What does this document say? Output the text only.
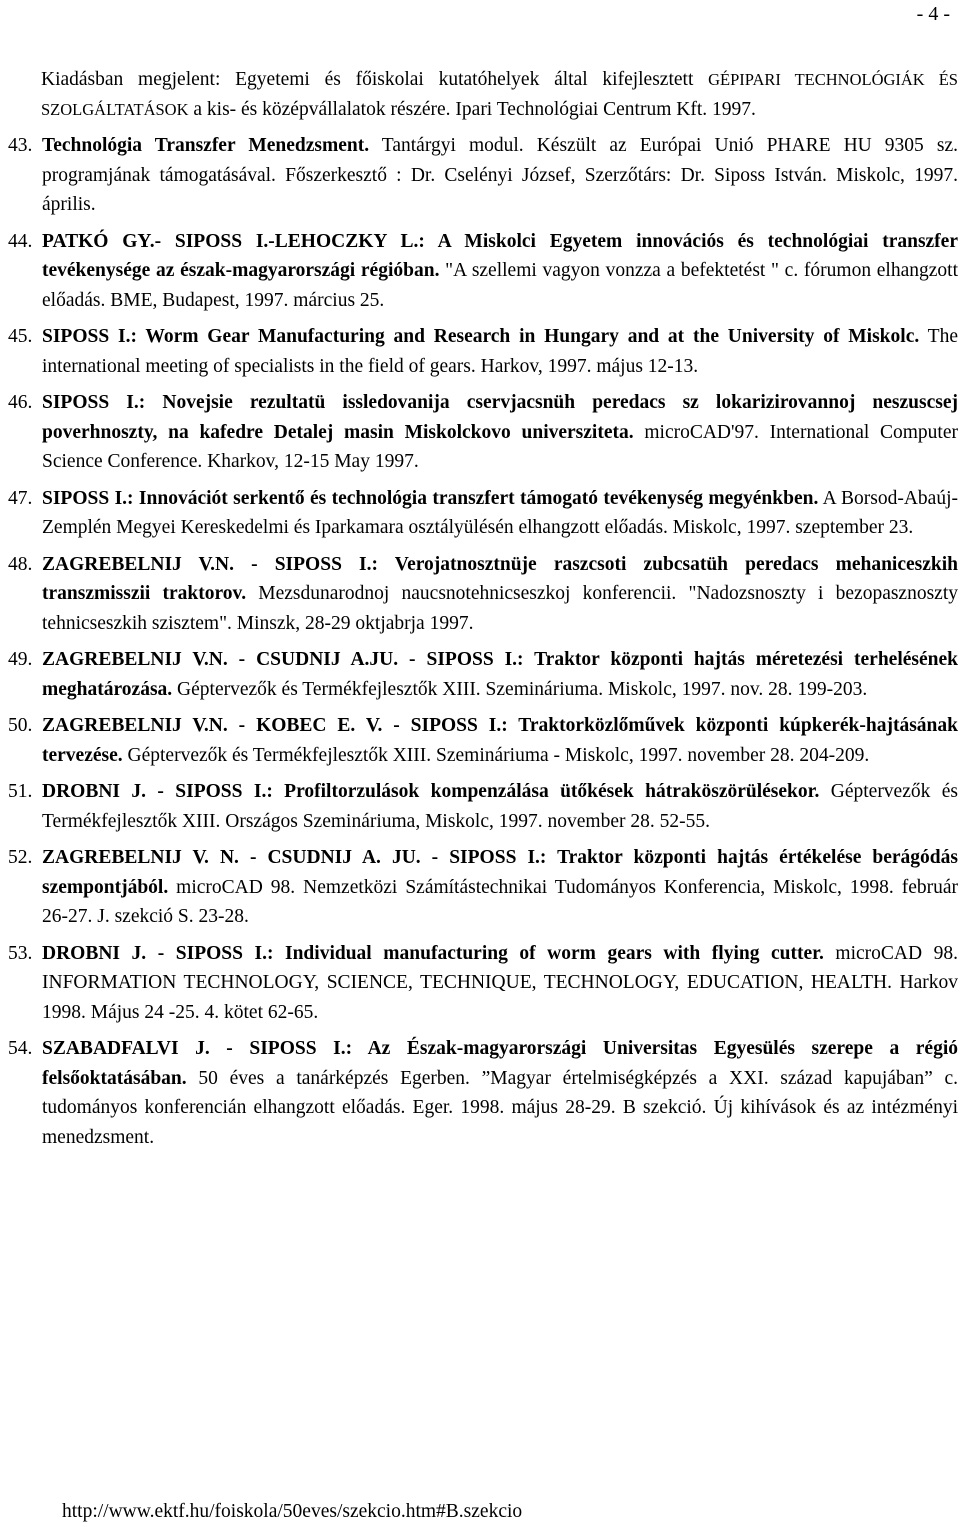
- 4 -
Kiadásban megjelent: Egyetemi és főiskolai kutatóhelyek által kifejlesztett GÉPIPARI TECHNOLÓGIÁK ÉS SZOLGÁLTATÁSOK a kis- és középvállalatok részére. Ipari Technológiai Centrum Kft. 1997.
43. Technológia Transzfer Menedzsment. Tantárgyi modul. Készült az Európai Unió PHARE HU 9305 sz. programjának támogatásával. Főszerkesztő : Dr. Cselényi József, Szerzőtárs: Dr. Siposs István. Miskolc, 1997. április.
44. PATKÓ GY.- SIPOSS I.-LEHOCZKY L.: A Miskolci Egyetem innovációs és technológiai transzfer tevékenysége az észak-magyarországi régióban. "A szellemi vagyon vonzza a befektetést " c. fórumon elhangzott előadás. BME, Budapest, 1997. március 25.
45. SIPOSS I.: Worm Gear Manufacturing and Research in Hungary and at the University of Miskolc. The international meeting of specialists in the field of gears. Harkov, 1997. május 12-13.
46. SIPOSS I.: Novejsie rezultatü issledovanija cservjacsnüh peredacs sz lokarizirovannoj neszuscsej poverhnoszty, na kafedre Detalej masin Miskolckovo universziteta. microCAD'97. International Computer Science Conference. Kharkov, 12-15 May 1997.
47. SIPOSS I.: Innovációt serkentő és technológia transzfert támogató tevékenység megyénkben. A Borsod-Abaúj-Zemplén Megyei Kereskedelmi és Iparkamara osztályülésén elhangzott előadás. Miskolc, 1997. szeptember 23.
48. ZAGREBELNIJ V.N. - SIPOSS I.: Verojatnosztnüje raszcsoti zubcsatüh peredacs mehaniceszkih transzmisszii traktorov. Mezsdunarodnoj naucsnotehnicseszkoj konferencii. "Nadozsnoszty i bezopasznoszty tehnicseszkih szisztem". Minszk, 28-29 oktjabrja 1997.
49. ZAGREBELNIJ V.N. - CSUDNIJ A.JU. - SIPOSS I.: Traktor központi hajtás méretezési terhelésének meghatározása. Géptervezők és Termékfejlesztők XIII. Szemináriuma. Miskolc, 1997. nov. 28. 199-203.
50. ZAGREBELNIJ V.N. - KOBEC E. V. - SIPOSS I.: Traktorközlőművek központi kúpkerék-hajtásának tervezése. Géptervezők és Termékfejlesztők XIII. Szemináriuma - Miskolc, 1997. november 28. 204-209.
51. DROBNI J. - SIPOSS I.: Profiltorzulások kompenzálása ütőkések hátraköszörülésekor. Géptervezők és Termékfejlesztők XIII. Országos Szemináriuma, Miskolc, 1997. november 28. 52-55.
52. ZAGREBELNIJ V. N. - CSUDNIJ A. JU. - SIPOSS I.: Traktor központi hajtás értékelése berágódás szempontjából. microCAD 98. Nemzetközi Számítástechnikai Tudományos Konferencia, Miskolc, 1998. február 26-27. J. szekció S. 23-28.
53. DROBNI J. - SIPOSS I.: Individual manufacturing of worm gears with flying cutter. microCAD 98. INFORMATION TECHNOLOGY, SCIENCE, TECHNIQUE, TECHNOLOGY, EDUCATION, HEALTH. Harkov 1998. Május 24 -25. 4. kötet 62-65.
54. SZABADFALVI J. - SIPOSS I.: Az Észak-magyarországi Universitas Egyesülés szerepe a régió felsőoktatásában. 50 éves a tanárképzés Egerben. ”Magyar értelmiségképzés a XXI. század kapujában” c. tudományos konferencián elhangzott előadás. Eger. 1998. május 28-29. B szekció. Új kihívások és az intézményi menedzsment.
http://www.ektf.hu/foiskola/50eves/szekcio.htm#B.szekcio
